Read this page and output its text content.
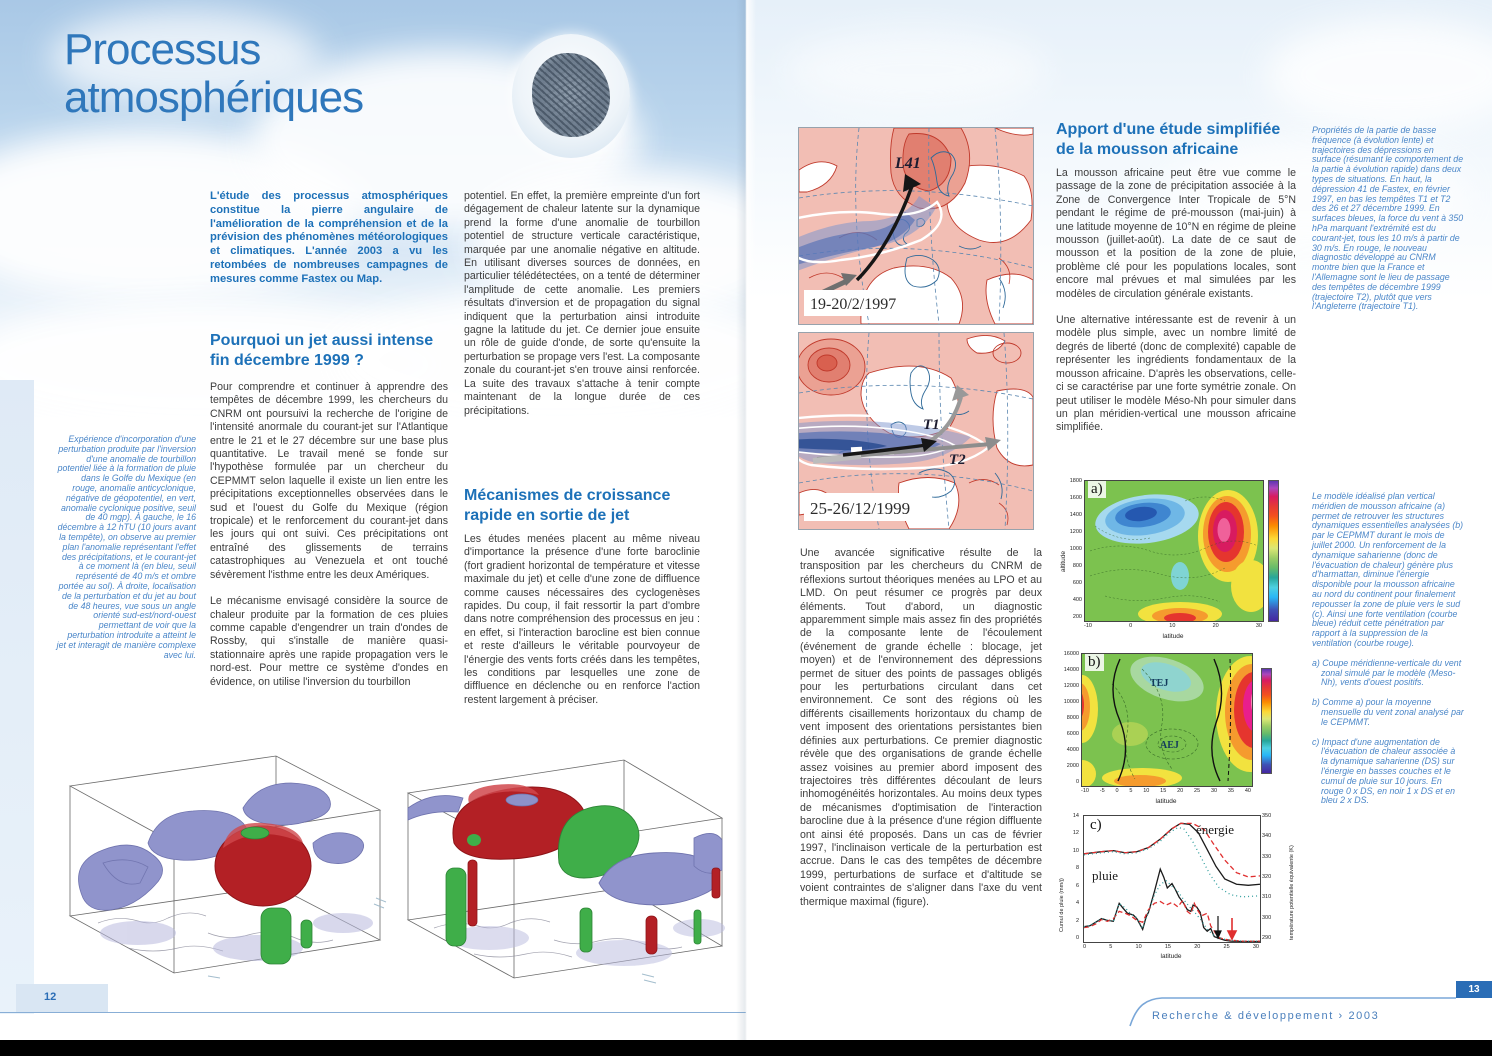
Processus
atmosphériques
L'étude des processus atmosphériques constitue la pierre angulaire de l'amélioration de la compréhension et de la prévision des phénomènes météorologiques et climatiques. L'année 2003 a vu les retombées de nombreuses campagnes de mesures comme Fastex ou Map.
Pourquoi un jet aussi intense fin décembre 1999 ?

Pour comprendre et continuer à apprendre des tempêtes de décembre 1999, les chercheurs du CNRM ont poursuivi la recherche de l'origine de l'intensité anormale du courant-jet sur l'Atlantique entre le 21 et le 27 décembre sur une base plus quantitative. Le travail mené se fonde sur l'hypothèse formulée par un chercheur du CEPMMT selon laquelle il existe un lien entre les précipitations exceptionnelles observées dans le sud et l'ouest du Golfe du Mexique (région tropicale) et le renforcement du courant-jet dans les jours qui ont suivi. Ces précipitations ont entraîné des glissements de terrains catastrophiques au Venezuela et ont touché sévèrement l'isthme entre les deux Amériques.

Le mécanisme envisagé considère la source de chaleur produite par la formation de ces pluies comme capable d'engendrer un train d'ondes de Rossby, qui s'installe de manière quasi-stationnaire après une rapide propagation vers le nord-est. Pour mettre ce système d'ondes en évidence, on utilise l'inversion du tourbillon

potentiel. En effet, la première empreinte d'un fort dégagement de chaleur latente sur la dynamique prend la forme d'une anomalie de tourbillon potentiel de structure verticale caractéristique, marquée par une anomalie négative en altitude. En utilisant diverses sources de données, en particulier télédétectées, on a tenté de déterminer l'amplitude de cette anomalie. Les premiers résultats d'inversion et de propagation du signal indiquent que la perturbation ainsi introduite gagne la latitude du jet. Ce dernier joue ensuite un rôle de guide d'onde, de sorte qu'ensuite la perturbation se propage vers l'est. La composante zonale du courant-jet s'en trouve ainsi renforcée. La suite des travaux s'attache à tenir compte maintenant de la longue durée de ces précipitations.

Mécanismes de croissance rapide en sortie de jet

Les études menées placent au même niveau d'importance la présence d'une forte baroclinie (fort gradient horizontal de température et vitesse maximale du jet) et celle d'une zone de diffluence comme causes nécessaires des cyclogenèses rapides. Du coup, il fait ressortir la part d'ombre dans notre compréhension des processus en jeu : en effet, si l'interaction barocline est bien connue et reste d'ailleurs le véritable pourvoyeur de l'énergie des vents forts créés dans les tempêtes, les conditions par lesquelles une zone de diffluence en déclenche ou en renforce l'action restent largement à préciser.

Expérience d'incorporation d'une perturbation produite par l'inversion d'une anomalie de tourbillon potentiel liée à la formation de pluie dans le Golfe du Mexique (en rouge, anomalie anticyclonique, négative de géopotentiel, en vert, anomalie cyclonique positive, seuil de 40 mgp). À gauche, le 16 décembre à 12 hTU (10 jours avant la tempête), on observe au premier plan l'anomalie représentant l'effet des précipitations, et le courant-jet à ce moment là (en bleu, seuil représenté de 40 m/s et ombre portée au sol). À droite, localisation de la perturbation et du jet au bout de 48 heures, vue sous un angle orienté sud-est/nord-ouest permettant de voir que la perturbation introduite a atteint le jet et interagit de manière complexe avec lui.
12
L41
19-20/2/1997
T1
T2
25-26/12/1999
Apport d'une étude simplifiée de la mousson africaine

La mousson africaine peut être vue comme le passage de la zone de précipitation associée à la Zone de Convergence Inter Tropicale de 5°N pendant le régime de pré-mousson (mai-juin) à une latitude moyenne de 10°N en régime de pleine mousson (juillet-août). La date de ce saut de mousson et la position de la zone de pluie, problème clé pour les populations locales, sont encore mal prévues et mal simulées par les modèles de circulation générale existants.

Une alternative intéressante est de revenir à un modèle plus simple, avec un nombre limité de degrés de liberté (donc de complexité) capable de représenter les ingrédients fondamentaux de la mousson africaine. D'après les observations, celle-ci se caractérise par une forte symétrie zonale. On peut utiliser le modèle Méso-Nh pour simuler dans un plan méridien-vertical une mousson africaine simplifiée.

Une avancée significative résulte de la transposition par les chercheurs du CNRM de réflexions surtout théoriques menées au LPO et au LMD. On peut résumer ce progrès par deux éléments. Tout d'abord, un diagnostic apparemment simple mais assez fin des propriétés de la composante lente de l'écoulement (événement de grande échelle : blocage, jet moyen) et de l'environnement des dépressions permet de situer des points de passages obligés pour les perturbations circulant dans cet environnement. Ce sont des régions où les différents cisaillements horizontaux du champ de vent imposent des orientations persistantes bien définies aux perturbations. Ce premier diagnostic révèle que des organisations de grande échelle assez voisines au premier abord imposent des trajectoires très différentes découlant de leurs inhomogénéités horizontales. Au moins deux types de mécanismes d'optimisation de l'interaction barocline due à la présence d'une région diffluente ont ainsi été proposés. Dans un cas de février 1997, l'inclinaison verticale de la perturbation est accrue. Dans le cas des tempêtes de décembre 1999, perturbations de surface et d'altitude se voient contraintes de s'aligner dans l'axe du vent thermique maximal (figure).

Propriétés de la partie de basse fréquence (à évolution lente) et trajectoires des dépressions en surface (résumant le comportement de la partie à évolution rapide) dans deux types de situations. En haut, la dépression 41 de Fastex, en février 1997, en bas les tempêtes T1 et T2 des 26 et 27 décembre 1999. En surfaces bleues, la force du vent à 350 hPa marquant l'extrémité est du courant-jet, tous les 10 m/s à partir de 30 m/s. En rouge, le nouveau diagnostic développé au CNRM montre bien que la France et l'Allemagne sont le lieu de passage des tempêtes de décembre 1999 (trajectoire T2), plutôt que vers l'Angleterre (trajectoire T1).

Le modèle idéalisé plan vertical méridien de mousson africaine (a) permet de retrouver les structures dynamiques essentielles analysées (b) par le CEPMMT durant le mois de juillet 2000. Un renforcement de la dynamique saharienne (donc de l'évacuation de chaleur) génère plus d'harmattan, diminue l'énergie disponible pour la mousson africaine au nord du continent pour finalement repousser la zone de pluie vers le sud (c). Ainsi une forte ventilation (courbe bleue) réduit cette pénétration par rapport à la suppression de la ventilation (courbe rouge).

a) Coupe méridienne-verticale du vent zonal simulé par le modèle (Meso-Nh), vents d'ouest positifs.

b) Comme a) pour la moyenne mensuelle du vent zonal analysé par le CEPMMT.

c) Impact d'une augmentation de l'évacuation de chaleur associée à la dynamique saharienne (DS) sur l'énergie en basses couches et le cumul de pluie sur 10 jours. En rouge 0 x DS, en noir 1 x DS et en bleu 2 x DS.

a)
1800
1600
1400
1200
1000
800
600
400
200
-10	0	10	20	30
latitude
altitude
b)
TEJ
AEJ
16000
14000
12000
10000
8000
6000
4000
2000
0
-10 -5 0 5 10 15 20 25 30 35 40
latitude
c)	énergie
pluie
14
12
10
8
6
4
2
0
350
340
330
320
310
300
290
0	5	10	15	20	25	30
latitude
Cumul de pluie (mm/j)	température potentielle équivalente (K)
13
Recherche & développement › 2003
